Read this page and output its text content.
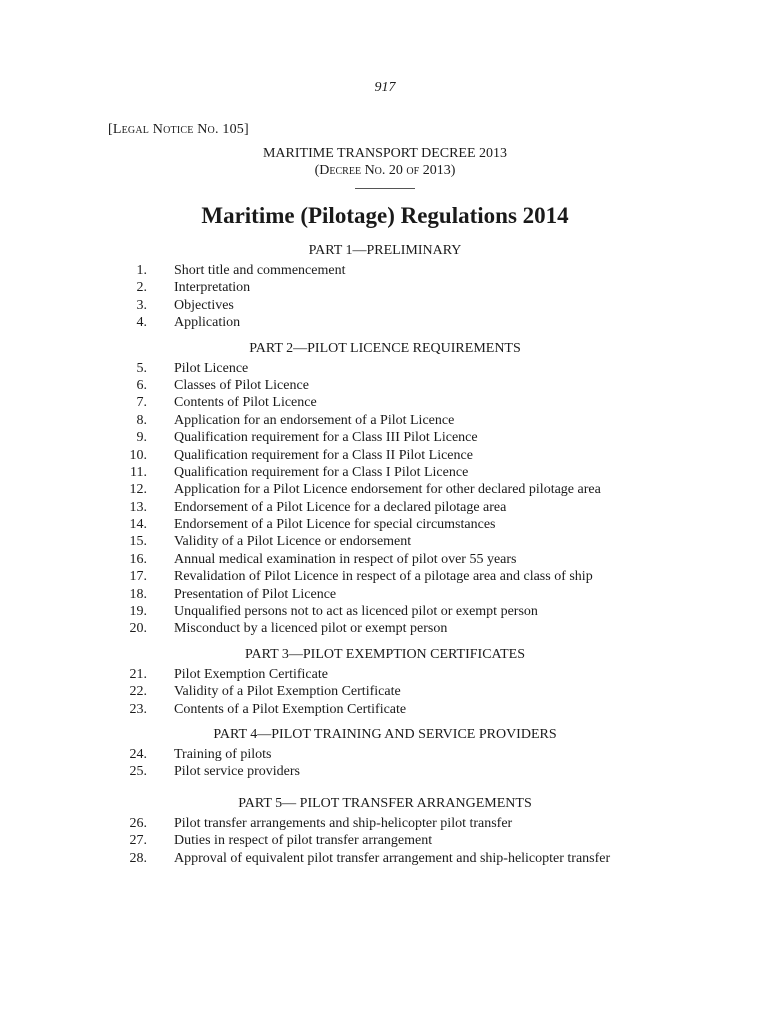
917
[Legal Notice No. 105]
MARITIME TRANSPORT DECREE 2013
(Decree No. 20 of 2013)
Maritime (Pilotage) Regulations 2014
PART 1—PRELIMINARY
1. Short title and commencement
2. Interpretation
3. Objectives
4. Application
PART 2—PILOT LICENCE REQUIREMENTS
5. Pilot Licence
6. Classes of Pilot Licence
7. Contents of Pilot Licence
8. Application for an endorsement of a Pilot Licence
9. Qualification requirement for a Class III Pilot Licence
10. Qualification requirement for a Class II Pilot Licence
11. Qualification requirement for a Class I Pilot Licence
12. Application for a Pilot Licence endorsement for other declared pilotage area
13. Endorsement of a Pilot Licence for a declared pilotage area
14. Endorsement of a Pilot Licence for special circumstances
15. Validity of a Pilot Licence or endorsement
16. Annual medical examination in respect of pilot over 55 years
17. Revalidation of Pilot Licence in respect of a pilotage area and class of ship
18. Presentation of Pilot Licence
19. Unqualified persons not to act as licenced pilot or exempt person
20. Misconduct by a licenced pilot or exempt person
PART 3—PILOT EXEMPTION CERTIFICATES
21. Pilot Exemption Certificate
22. Validity of a Pilot Exemption Certificate
23. Contents of a Pilot Exemption Certificate
PART 4—PILOT TRAINING AND SERVICE PROVIDERS
24. Training of pilots
25. Pilot service providers
PART 5— PILOT TRANSFER ARRANGEMENTS
26. Pilot transfer arrangements and ship-helicopter pilot transfer
27. Duties in respect of pilot transfer arrangement
28. Approval of equivalent pilot transfer arrangement and ship-helicopter transfer
